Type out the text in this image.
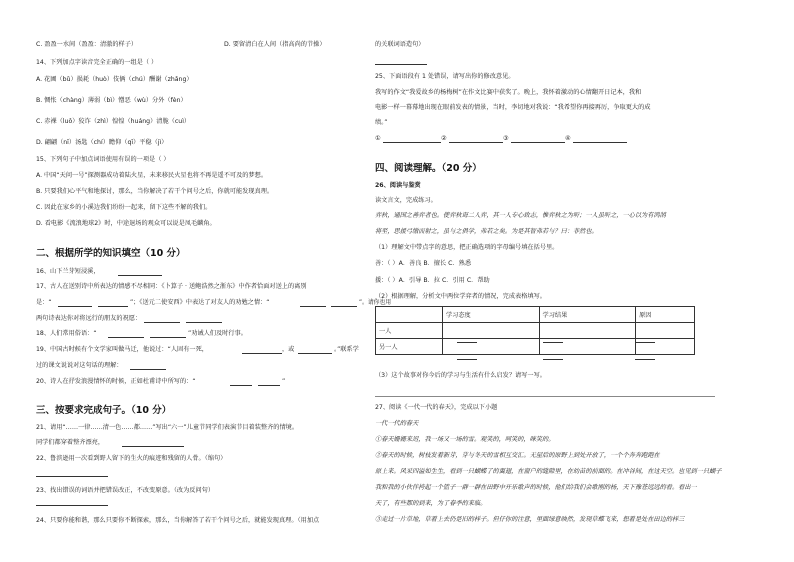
C. 盈盈一水间（盈盈：清澈的样子）	D. 要留清白在人间（指高尚的节操）
14、下列加点字读音完全正确的一组是（ ）
A. 花圃（bǔ）损耗（huò）伎俩（chú）酬谢（zhǎng）
B. 惆怅（chàng）薄弱（bì）憎恶（wù）分外（fèn）
C. 赤裸（luǒ）狡诈（zhì）惶惶（huáng）清脆（cuì）
D. 翩翩（nī）汤匙（chí）瞻仰（qī）平稳（jì）
15、下列句子中加点词语使用有误的一项是（ ）
A. 中国“天问一号”探测器成功着陆火星，未来移民火星也将不再是遥不可及的梦想。
B. 只要我们心平气和地探讨，那么，当你解决了若干个问号之后，你就可能发现真理。
C. 因此在家乡的小溪边我们纷纷一起来，留下这些不解的我们。
D. 看电影《流浪地球2》时，中途退场的观众可以说是凤毛麟角。
二、根据所学的知识填空（10 分）
16、山下兰芽短浸溪，
17、古人在送别诗中所表达的情感不尽相同：《卜算子 · 送鲍浩然之浙东》中作者恰面对送上的离别
是：“	”；《送元二使安西》中表达了对友人的劝勉之情：“	”。请你也用
两句诗表达你对将远行的朋友的祝愿：
18、人们常用俗语：“	”劝诫人们及时行事。
19、中国古时候有个文学家叫做马迁，他说过：“人固有一死，	，或	。”联系学
过的课文说说对这句话的理解：
20、诗人在抒发浪漫情怀的时候，正如杜甫诗中所写的：“	”
三、按要求完成句子。（10 分）
21、请用“……一律……清一色……都……”写出“六一”儿童节同学们表演节目着装整齐的情境。
同学们都穿着整齐漂亮，
22、鲁滨逊用一次看到野人留下的生火的痕迹和残留的人骨。（缩句）
23、找出错误的词语并把错误改正，不改变原意。（改为反问句）
24、只要你能和谐，那么只要你不断探索，那么，当你解答了若干个问号之后，就能发现真理。（用加点
的关联词语造句）
25、下面语段有 1 处错误，请写出你的修改意见。
我写的作文“我爱故乡的杨梅树”在作文比赛中获奖了。晚上，我怀着激动的心情翻开日记本，我和
电影一样一幕幕地出现在眼前发表的情景，当时，李切地对我说：“我希望你再接再厉，争取更大的成
绩。”
①	②	③	④
四、阅读理解。（20 分）
26、阅读与鉴赏
读文言文，完成练习。
弈秋，通国之善弈者也。使弈秋诲二人弈，其一人专心致志，惟弈秋之为听；一人虽听之，一心以为有鸿鹄
将至，思援弓缴而射之，虽与之俱学，弗若之矣。为是其智弗若与？曰：非然也。
（1）理解文中带点字的意思，把正确选项的字母编号填在括号里。
善：（ ）A．善良 B．擅长 C．熟悉
援：（ ）A．引导 B．拉 C．引用 C．帮助
（2）根据理解，分析文中两位学弈者的情况，完成表格填写。
	学习态度	学习结果	原因
一人			
另一人			
（3）这个故事对你今后的学习与生活有什么启发？请写一写。
27、阅读《一代一代的春天》，完成以下小题
一代一代的春天
①春天姗姗来迟，我一场又一场的雪。观笑的，呵笑的，咪笑的。
②春天的时候，树枝发着新芽，芽与冬天的雪相互交汇。无屋后的原野上到处开放了，一个个奔奔跑跑在
原上来。风采四溢如生生，看到一只蝴蝶了的翼翅，在窗户的缝隙里，在幼苗的前面的。在冲谷间，在这天空。也见到一只蝴子
我和我的小伙伴挎起一个篮子一群一群在田野中开乐歌声的时候，他们给我们会歌刚的杨，天下豫苍远远的看。看出一
天了，有些都的到来，为了春季的来临。
③走过一片草地，草着上去仍是旧的样子。但仔你的注意，里面绿意映然，发现草蝶飞来，想着是处在田边的样三
